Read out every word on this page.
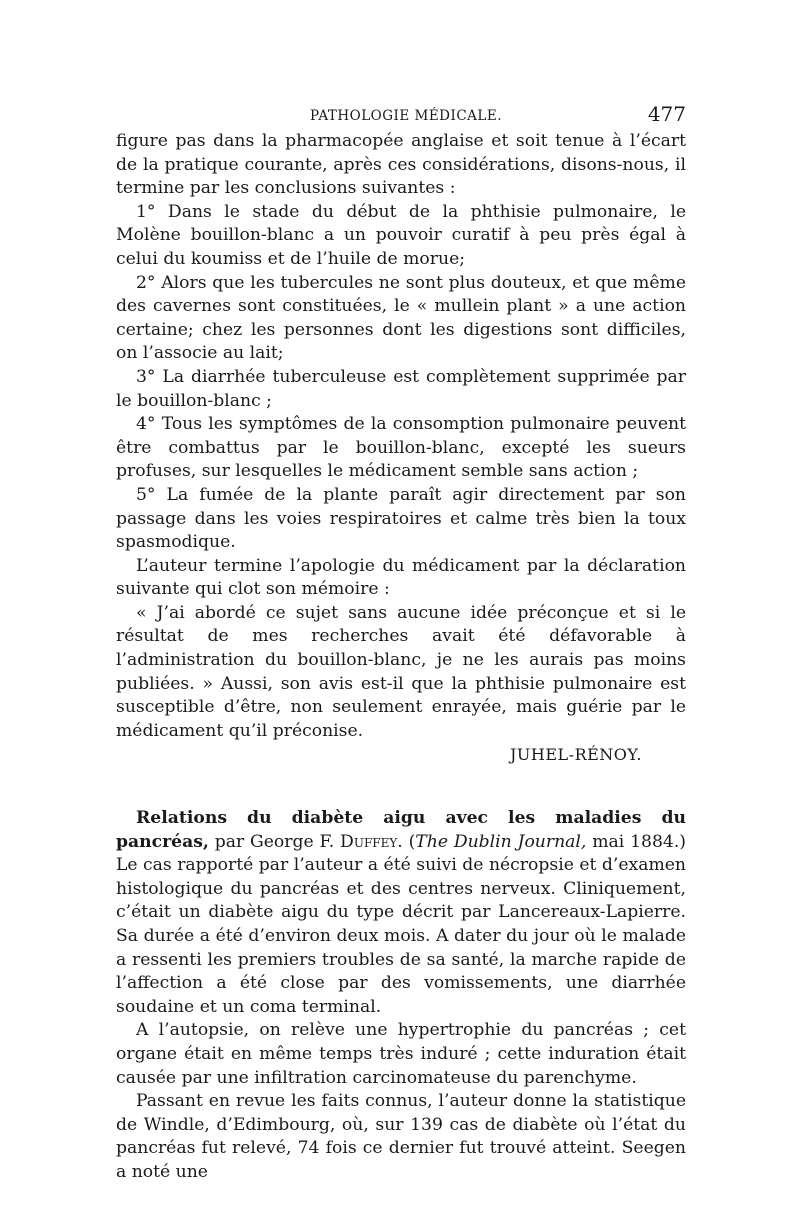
PATHOLOGIE MÉDICALE.	477

figure pas dans la pharmacopée anglaise et soit tenue à l’écart de la pratique courante, après ces considérations, disons-nous, il termine par les conclusions suivantes :

1° Dans le stade du début de la phthisie pulmonaire, le Molène bouillon-blanc a un pouvoir curatif à peu près égal à celui du koumiss et de l’huile de morue;

2° Alors que les tubercules ne sont plus douteux, et que même des cavernes sont constituées, le « mullein plant » a une action certaine; chez les personnes dont les digestions sont difficiles, on l’associe au lait;

3° La diarrhée tuberculeuse est complètement supprimée par le bouillon-blanc ;

4° Tous les symptômes de la consomption pulmonaire peuvent être combattus par le bouillon-blanc, excepté les sueurs profuses, sur lesquelles le médicament semble sans action ;

5° La fumée de la plante paraît agir directement par son passage dans les voies respiratoires et calme très bien la toux spasmodique.

L’auteur termine l’apologie du médicament par la déclaration suivante qui clot son mémoire :

« J’ai abordé ce sujet sans aucune idée préconçue et si le résultat de mes recherches avait été défavorable à l’administration du bouillon-blanc, je ne les aurais pas moins publiées. » Aussi, son avis est-il que la phthisie pulmonaire est susceptible d’être, non seulement enrayée, mais guérie par le médicament qu’il préconise.

JUHEL-RÉNOY.

Relations du diabète aigu avec les maladies du pancréas, par George F. Duffey. (The Dublin Journal, mai 1884.) Le cas rapporté par l’auteur a été suivi de nécropsie et d’examen histologique du pancréas et des centres nerveux. Cliniquement, c’était un diabète aigu du type décrit par Lancereaux-Lapierre. Sa durée a été d’environ deux mois. A dater du jour où le malade a ressenti les premiers troubles de sa santé, la marche rapide de l’affection a été close par des vomissements, une diarrhée soudaine et un coma terminal.

A l’autopsie, on relève une hypertrophie du pancréas ; cet organe était en même temps très induré ; cette induration était causée par une infiltration carcinomateuse du parenchyme.

Passant en revue les faits connus, l’auteur donne la statistique de Windle, d’Edimbourg, où, sur 139 cas de diabète où l’état du pancréas fut relevé, 74 fois ce dernier fut trouvé atteint. Seegen a noté une
